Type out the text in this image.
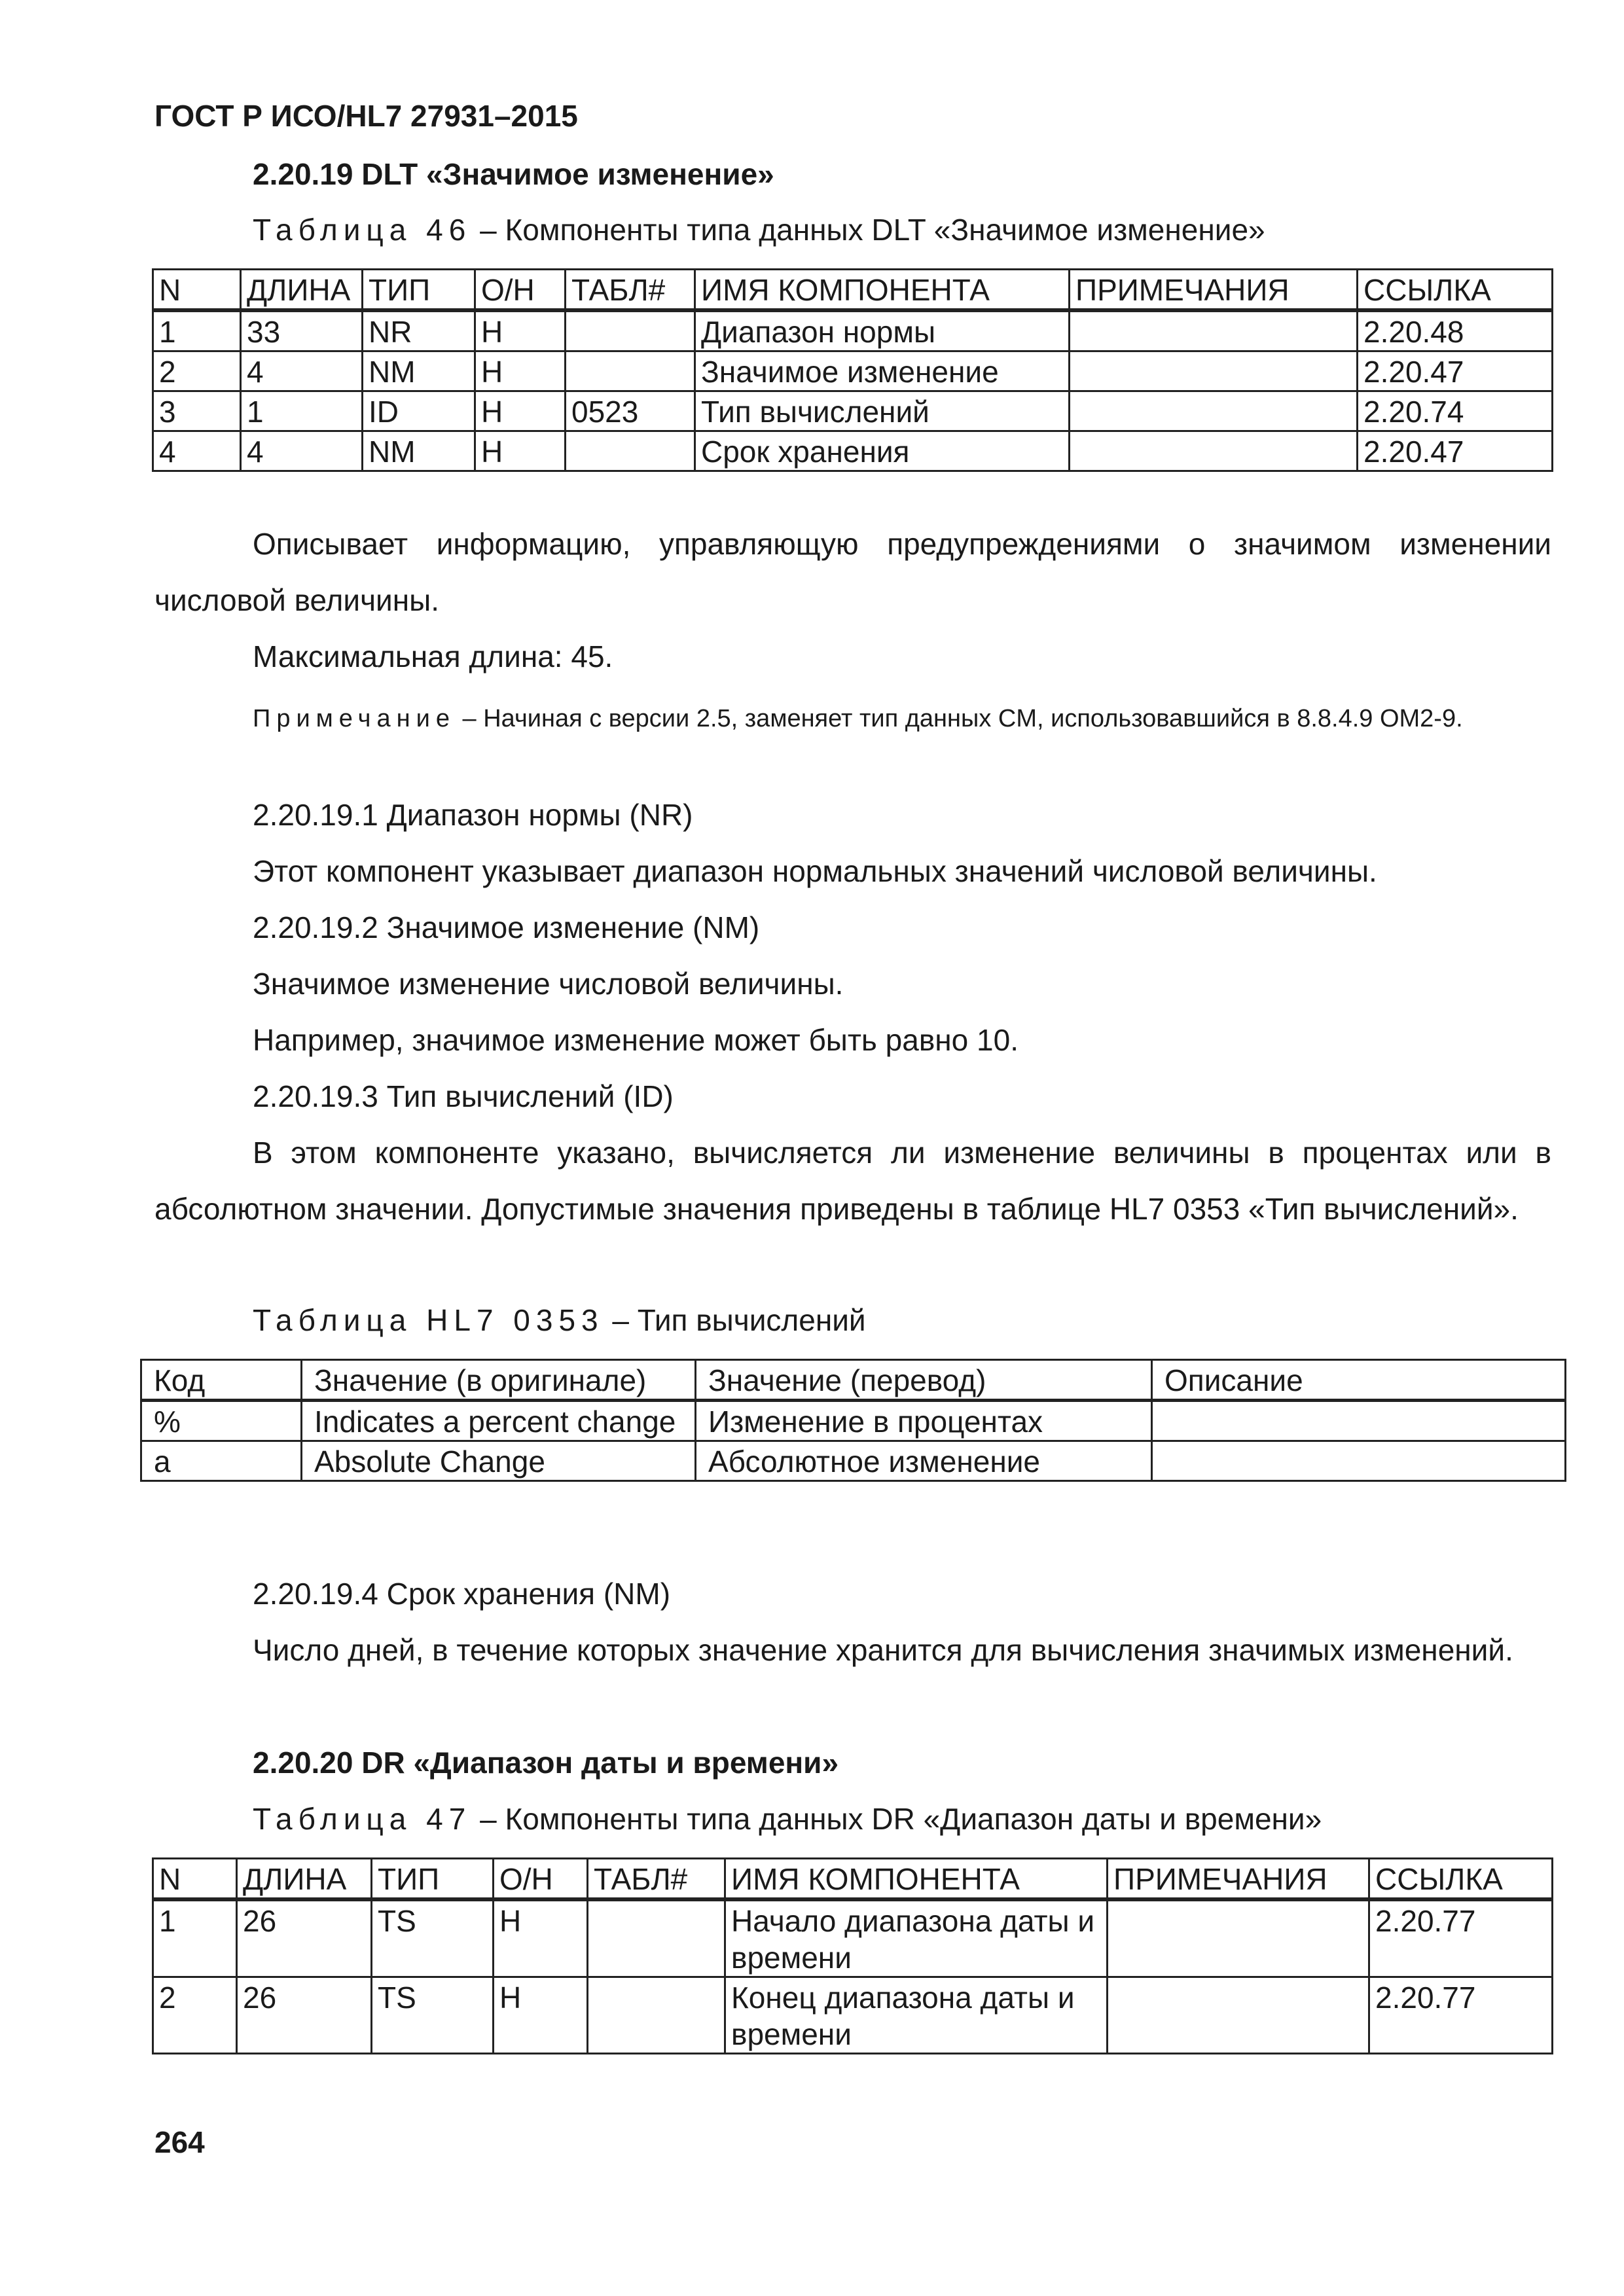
ГОСТ Р ИСО/HL7 27931–2015
2.20.19 DLT «Значимое изменение»
Таблица 46 – Компоненты типа данных DLT «Значимое изменение»
N	ДЛИНА	ТИП	О/Н	ТАБЛ#	ИМЯ КОМПОНЕНТА	ПРИМЕЧАНИЯ	ССЫЛКА
1	33	NR	Н		Диапазон нормы		2.20.48
2	4	NM	Н		Значимое изменение		2.20.47
3	1	ID	Н	0523	Тип вычислений		2.20.74
4	4	NM	Н		Срок хранения		2.20.47
Описывает информацию, управляющую предупреждениями о значимом изменении числовой величины.
Максимальная длина: 45.
Примечание – Начиная с версии 2.5, заменяет тип данных CM, использовавшийся в 8.8.4.9 OM2-9.
2.20.19.1 Диапазон нормы (NR)
Этот компонент указывает диапазон нормальных значений числовой величины.
2.20.19.2 Значимое изменение (NM)
Значимое изменение числовой величины.
Например, значимое изменение может быть равно 10.
2.20.19.3 Тип вычислений (ID)
В этом компоненте указано, вычисляется ли изменение величины в процентах или в абсолютном значении. Допустимые значения приведены в таблице HL7 0353 «Тип вычислений».
Таблица HL7 0353 – Тип вычислений
Код	Значение (в оригинале)	Значение (перевод)	Описание
%	Indicates a percent change	Изменение в процентах	
a	Absolute Change	Абсолютное изменение	
2.20.19.4 Срок хранения (NM)
Число дней, в течение которых значение хранится для вычисления значимых изменений.
2.20.20 DR «Диапазон даты и времени»
Таблица 47 – Компоненты типа данных DR «Диапазон даты и времени»
N	ДЛИНА	ТИП	О/Н	ТАБЛ#	ИМЯ КОМПОНЕНТА	ПРИМЕЧАНИЯ	ССЫЛКА
1	26	TS	Н		Начало диапазона даты и времени		2.20.77
2	26	TS	Н		Конец диапазона даты и времени		2.20.77
264
